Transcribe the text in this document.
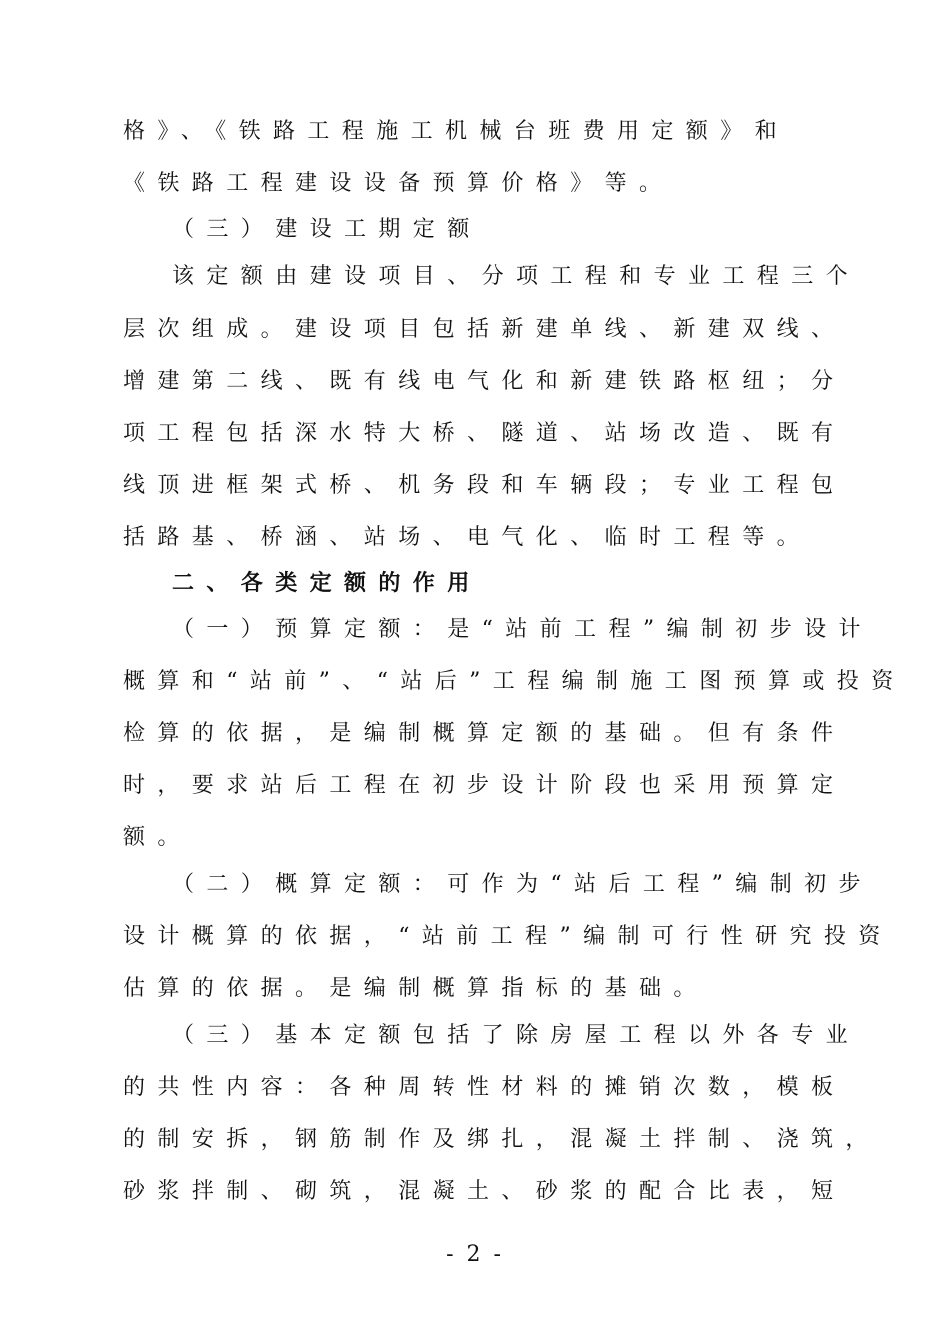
格》、《铁路工程施工机械台班费用定额》和
《铁路工程建设设备预算价格》等。
（三）建设工期定额
该定额由建设项目、分项工程和专业工程三个
层次组成。建设项目包括新建单线、新建双线、
增建第二线、既有线电气化和新建铁路枢纽；分
项工程包括深水特大桥、隧道、站场改造、既有
线顶进框架式桥、机务段和车辆段；专业工程包
括路基、桥涵、站场、电气化、临时工程等。
二、各类定额的作用
（一）预算定额：是“站前工程”编制初步设计
概算和“站前”、“站后”工程编制施工图预算或投资
检算的依据，是编制概算定额的基础。但有条件
时，要求站后工程在初步设计阶段也采用预算定
额。
（二）概算定额：可作为“站后工程”编制初步
设计概算的依据，“站前工程”编制可行性研究投资
估算的依据。是编制概算指标的基础。
（三）基本定额包括了除房屋工程以外各专业
的共性内容：各种周转性材料的摊销次数，模板
的制安拆，钢筋制作及绑扎，混凝土拌制、浇筑，
砂浆拌制、砌筑，混凝土、砂浆的配合比表，短
- 2 -
